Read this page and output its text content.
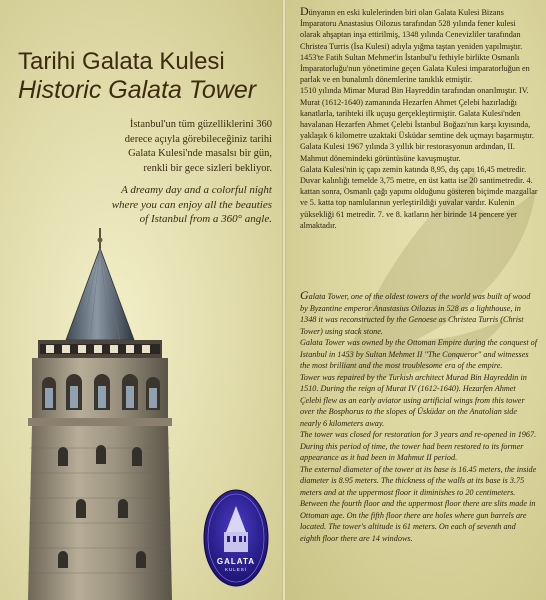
Tarihi Galata Kulesi
Historic Galata Tower

İstanbul'un tüm güzelliklerini 360 derece açıyla görebileceğiniz tarihi Galata Kulesi'nde masalsı bir gün, renkli bir gece sizleri bekliyor.

A dreamy day and a colorful night where you can enjoy all the beauties of Istanbul from a 360° angle.

GALATA
KULESİ

Dünyanın en eski kulelerinden biri olan Galata Kulesi Bizans İmparatoru Anastasius Oilozus tarafından 528 yılında fener kulesi olarak ahşaptan inşa ettirilmiş, 1348 yılında Cenevizliler tarafından Christea Turris (İsa Kulesi) adıyla yığma taştan yeniden yapılmıştır.

1453'te Fatih Sultan Mehmet'in İstanbul'u fethiyle birlikte Osmanlı İmparatorluğu'nun yönetimine geçen Galata Kulesi imparatorluğun en parlak ve en bunalımlı dönemlerine tanıklık etmiştir.

1510 yılında Mimar Murad Bin Hayreddin tarafından onarılmıştır. IV. Murat (1612-1640) zamanında Hezarfen Ahmet Çelebi hazırladığı kanatlarla, tarihteki ilk uçuşu gerçekleştirmiştir. Galata Kulesi'nden havalanan Hezarfen Ahmet Çelebi İstanbul Boğazı'nın karşı kıyısında, yaklaşık 6 kilometre uzaktaki Üsküdar semtine dek uçmayı başarmıştır.

Galata Kulesi 1967 yılında 3 yıllık bir restorasyonun ardından, II. Mahmut dönemindeki görüntüsüne kavuşmuştur.

Galata Kulesi'nin iç çapı zemin katında 8,95, dış çapı 16,45 metredir. Duvar kalınlığı temelde 3,75 metre, en üst katta ise 20 santimetredir. 4. kattan sonra, Osmanlı çağı yapımı olduğunu gösteren biçimde mazgallar ve 5. katta top namlularının yerleştirildiği yuvalar vardır. Kulenin yüksekliği 61 metredir. 7. ve 8. katların her birinde 14 pencere yer almaktadır.

Galata Tower, one of the oldest towers of the world was built of wood by Byzantine emperor Anastasius Oilozus in 528 as a lighthouse, in 1348 it was reconstructed by the Genoese as Christea Turris (Christ Tower) using stack stone.

Galata Tower was owned by the Ottoman Empire during the conquest of Istanbul in 1453 by Sultan Mehmet II "The Conqueror" and witnesses the most brilliant and the most troublesome era of the empire.

Tower was repaired by the Turkish architect Murad Bin Hayreddin in 1510. During the reign of Murat IV (1612-1640). Hezarfen Ahmet Çelebi flew as an early aviator using artificial wings from this tower over the Bosphorus to the slopes of Üsküdar on the Anatolian side nearly 6 kilometers away.

The tower was closed for restoration for 3 years and re-opened in 1967. During this period of time, the tower had been restored to its former appearance as it had been in Mahmut II period.

The external diameter of the tower at its base is 16.45 meters, the inside diameter is 8.95 meters. The thickness of the walls at its base is 3.75 meters and at the uppermost floor it diminishes to 20 centimeters. Between the fourth floor and the uppermost floor there are slits made in Ottoman age. On the fifth floor there are holes where gun barrels are located. The tower's altitude is 61 meters. On each of seventh and eighth floor there are 14 windows.
